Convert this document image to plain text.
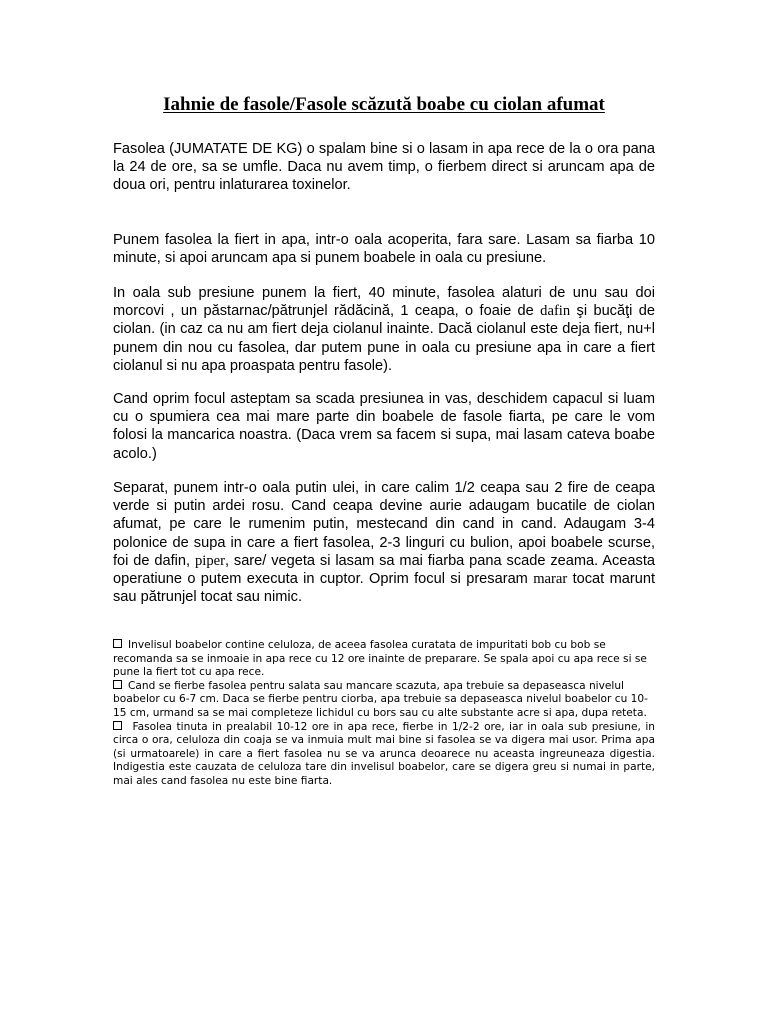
Iahnie de fasole/Fasole scăzută boabe cu ciolan afumat

Fasolea (JUMATATE DE KG) o spalam bine si o lasam in apa rece de la o ora pana la 24 de ore, sa se umfle. Daca nu avem timp, o fierbem direct si aruncam apa de doua ori, pentru inlaturarea toxinelor.

Punem fasolea la fiert in apa, intr-o oala acoperita, fara sare. Lasam sa fiarba 10 minute, si apoi aruncam apa si punem boabele in oala cu presiune.

In oala sub presiune punem la fiert, 40 minute, fasolea alaturi de unu sau doi morcovi , un păstarnac/pătrunjel rădăcină, 1 ceapa, o foaie de dafin şi bucăţi de ciolan. (in caz ca nu am fiert deja ciolanul inainte. Dacă ciolanul este deja fiert, nu+l punem din nou cu fasolea, dar putem pune in oala cu presiune apa in care a fiert ciolanul si nu apa proaspata pentru fasole).

Cand oprim focul asteptam sa scada presiunea in vas, deschidem capacul si luam cu o spumiera cea mai mare parte din boabele de fasole fiarta, pe care le vom folosi la mancarica noastra. (Daca vrem sa facem si supa, mai lasam cateva boabe acolo.)

Separat, punem intr-o oala putin ulei, in care calim 1/2 ceapa sau 2 fire de ceapa verde si putin ardei rosu. Cand ceapa devine aurie adaugam bucatile de ciolan afumat, pe care le rumenim putin, mestecand din cand in cand. Adaugam 3-4 polonice de supa in care a fiert fasolea, 2-3 linguri cu bulion, apoi boabele scurse, foi de dafin, piper, sare/ vegeta si lasam sa mai fiarba pana scade zeama. Aceasta operatiune o putem executa in cuptor. Oprim focul si presaram marar tocat marunt sau pătrunjel tocat sau nimic.

Invelisul boabelor contine celuloza, de aceea fasolea curatata de impuritati bob cu bob se recomanda sa se inmoaie in apa rece cu 12 ore inainte de preparare. Se spala apoi cu apa rece si se pune la fiert tot cu apa rece.

Cand se fierbe fasolea pentru salata sau mancare scazuta, apa trebuie sa depaseasca nivelul boabelor cu 6-7 cm. Daca se fierbe pentru ciorba, apa trebuie sa depaseasca nivelul boabelor cu 10-15 cm, urmand sa se mai completeze lichidul cu bors sau cu alte substante acre si apa, dupa reteta.

Fasolea tinuta in prealabil 10-12 ore in apa rece, fierbe in 1/2-2 ore, iar in oala sub presiune, in circa o ora, celuloza din coaja se va inmuia mult mai bine si fasolea se va digera mai usor. Prima apa (si urmatoarele) in care a fiert fasolea nu se va arunca deoarece nu aceasta ingreuneaza digestia. Indigestia este cauzata de celuloza tare din invelisul boabelor, care se digera greu si numai in parte, mai ales cand fasolea nu este bine fiarta.
